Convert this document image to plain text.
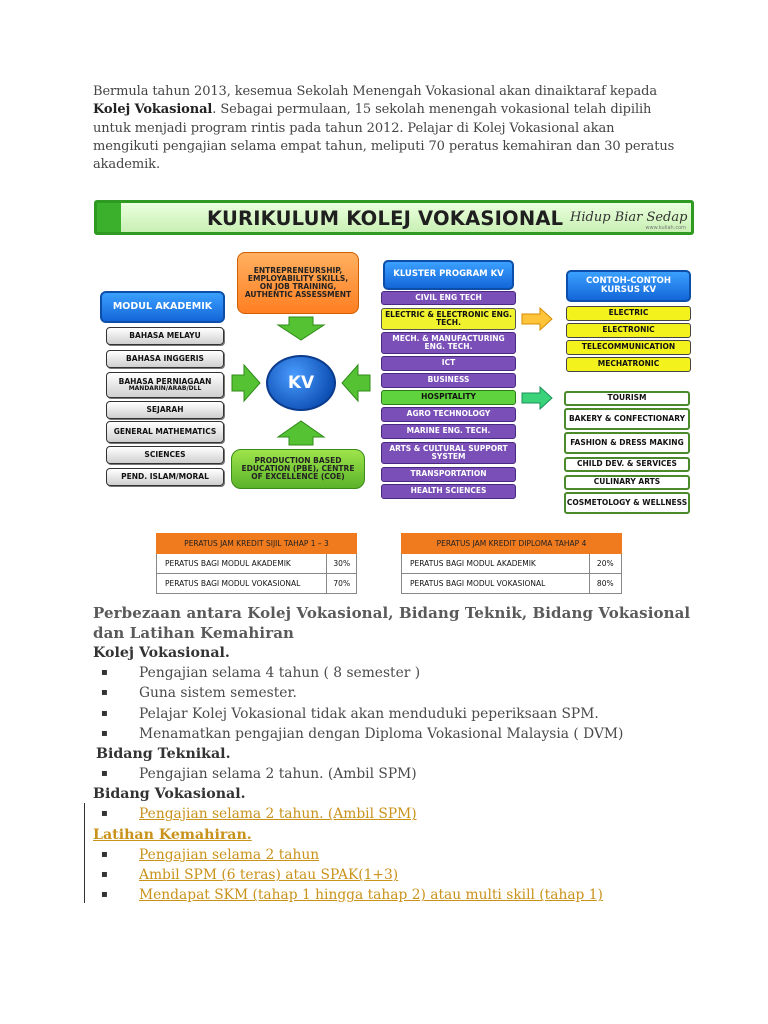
Bermula tahun 2013, kesemua Sekolah Menengah Vokasional akan dinaiktaraf kepada
Kolej Vokasional. Sebagai permulaan, 15 sekolah menengah vokasional telah dipilih untuk menjadi program rintis pada tahun 2012. Pelajar di Kolej Vokasional akan mengikuti pengajian selama empat tahun, meliputi 70 peratus kemahiran dan 30 peratus akademik.
KURIKULUM KOLEJ VOKASIONAL Hidup Biar Sedap
www.kuliah.com
MODUL AKADEMIK
BAHASA MELAYU
BAHASA INGGERIS
BAHASA PERNIAGAAN
MANDARIN/ARAB/DLL
SEJARAH
GENERAL MATHEMATICS
SCIENCES
PEND. ISLAM/MORAL
ENTREPRENEURSHIP, EMPLOYABILITY SKILLS, ON JOB TRAINING, AUTHENTIC ASSESSMENT
KV
PRODUCTION BASED EDUCATION (PBE), CENTRE OF EXCELLENCE (COE)
KLUSTER PROGRAM KV
CIVIL ENG TECH
ELECTRIC & ELECTRONIC ENG. TECH.
MECH. & MANUFACTURING ENG. TECH.
ICT
BUSINESS
HOSPITALITY
AGRO TECHNOLOGY
MARINE ENG. TECH.
ARTS & CULTURAL SUPPORT SYSTEM
TRANSPORTATION
HEALTH SCIENCES
CONTOH-CONTOH KURSUS KV
ELECTRIC
ELECTRONIC
TELECOMMUNICATION
MECHATRONIC
TOURISM
BAKERY & CONFECTIONARY
FASHION & DRESS MAKING
CHILD DEV. & SERVICES
CULINARY ARTS
COSMETOLOGY & WELLNESS
PERATUS JAM KREDIT SIJIL TAHAP 1 – 3	
PERATUS BAGI MODUL AKADEMIK	30%
PERATUS BAGI MODUL VOKASIONAL	70%
PERATUS JAM KREDIT DIPLOMA TAHAP 4	
PERATUS BAGI MODUL AKADEMIK	20%
PERATUS BAGI MODUL VOKASIONAL	80%
Perbezaan antara Kolej Vokasional, Bidang Teknik, Bidang Vokasional dan Latihan Kemahiran
Kolej Vokasional.
▪ Pengajian selama 4 tahun ( 8 semester )
▪ Guna sistem semester.
▪ Pelajar Kolej Vokasional tidak akan menduduki peperiksaan SPM.
▪ Menamatkan pengajian dengan Diploma Vokasional Malaysia ( DVM)
Bidang Teknikal.
▪ Pengajian selama 2 tahun. (Ambil SPM)
Bidang Vokasional.
▪ Pengajian selama 2 tahun. (Ambil SPM)
Latihan Kemahiran.
▪ Pengajian selama 2 tahun
▪ Ambil SPM (6 teras) atau SPAK(1+3)
▪ Mendapat SKM (tahap 1 hingga tahap 2) atau multi skill (tahap 1)
